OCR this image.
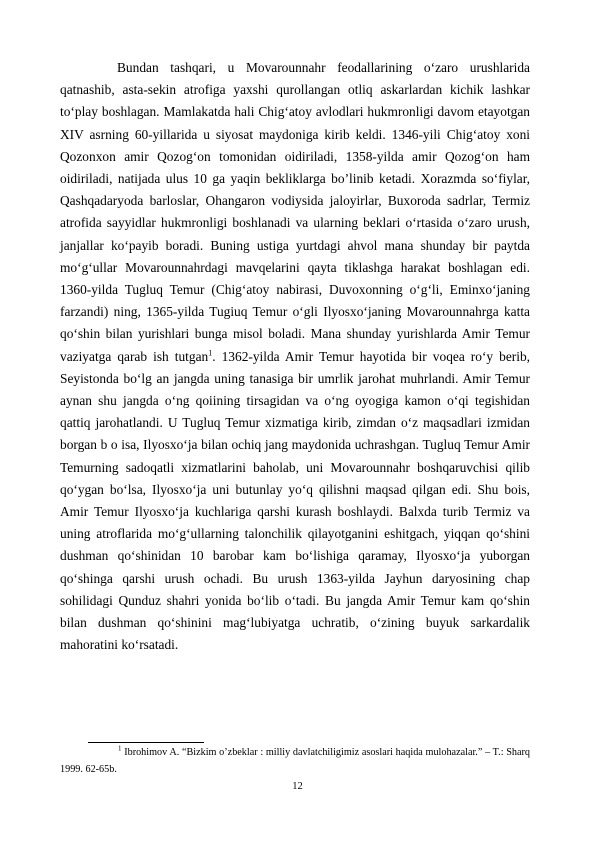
Bundan tashqari, u Movarounnahr feodallarining o‘zaro urushlarida qatnashib, asta-sekin atrofiga yaxshi qurollangan otliq askarlardan kichik lashkar to‘play boshlagan. Mamlakatda hali Chig‘atoy avlodlari hukmronligi davom etayotgan XIV asrning 60-yillarida u siyosat maydoniga kirib keldi. 1346-yili Chig‘atoy xoni Qozonxon amir Qozog‘on tomonidan oidiriladi, 1358-yilda amir Qozog‘on ham oidiriladi, natijada ulus 10 ga yaqin bekliklarga bo’linib ketadi. Xorazmda so‘fiylar, Qashqadaryoda barloslar, Ohangaron vodiysida jaloyirlar, Buxoroda sadrlar, Termiz atrofida sayyidlar hukmronligi boshlanadi va ularning beklari o‘rtasida o‘zaro urush, janjallar ko‘payib boradi. Buning ustiga yurtdagi ahvol mana shunday bir paytda mo‘g‘ullar Movarounnahrdagi mavqelarini qayta tiklashga harakat boshlagan edi. 1360-yilda Tugluq Temur (Chig‘atoy nabirasi, Duvoxonning o‘g‘li, Eminxo‘janing farzandi) ning, 1365-yilda Tugiuq Temur o‘gli Ilyosxo‘janing Movarounnahrga katta qo‘shin bilan yurishlari bunga misol boladi. Mana shunday yurishlarda Amir Temur vaziyatga qarab ish tutgan$^1$. 1362-yilda Amir Temur hayotida bir voqea ro‘y berib, Seyistonda bo‘lg an jangda uning tanasiga bir umrlik jarohat muhrlandi. Amir Temur aynan shu jangda o‘ng qoiining tirsagidan va o‘ng oyogiga kamon o‘qi tegishidan qattiq jarohatlandi. U Tugluq Temur xizmatiga kirib, zimdan o‘z maqsadlari izmidan borgan b o isa, Ilyosxo‘ja bilan ochiq jang maydonida uchrashgan. Tugluq Temur Amir Temurning sadoqatli xizmatlarini baholab, uni Movarounnahr boshqaruvchisi qilib qo‘ygan bo‘lsa, Ilyosxo‘ja uni butunlay yo‘q qilishni maqsad qilgan edi. Shu bois, Amir Temur Ilyosxo‘ja kuchlariga qarshi kurash boshlaydi. Balxda turib Termiz va uning atroflarida mo‘g‘ullarning talonchilik qilayotganini eshitgach, yiqqan qo‘shini dushman qo‘shinidan 10 barobar kam bo‘lishiga qaramay, Ilyosxo‘ja yuborgan qo‘shinga qarshi urush ochadi. Bu urush 1363-yilda Jayhun daryosining chap sohilidagi Qunduz shahri yonida bo‘lib o‘tadi. Bu jangda Amir Temur kam qo‘shin bilan dushman qo‘shinini mag‘lubiyatga uchratib, o‘zining buyuk sarkardalik mahoratini ko‘rsatadi.

$^1$ Ibrohimov A. “Bizkim o’zbeklar : milliy davlatchiligimiz asoslari haqida mulohazalar.” – T.: Sharq 1999. 62-65b.

12
